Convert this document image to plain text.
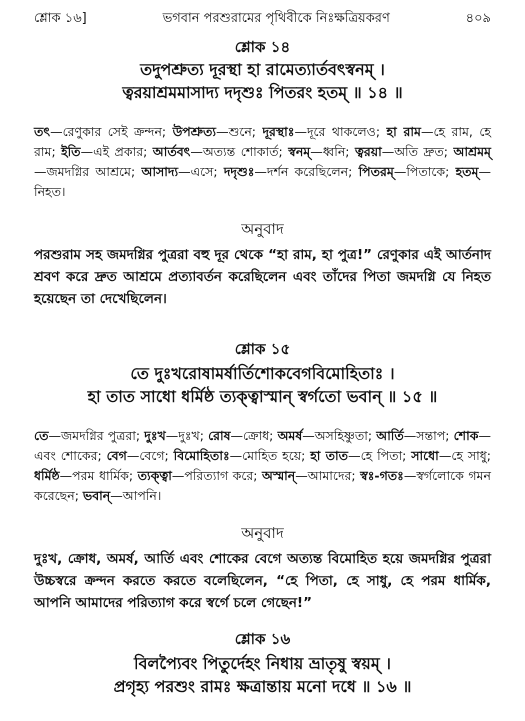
শ্লোক ১৬]	ভগবান পরশুরামের পৃথিবীকে নিঃক্ষত্রিয়করণ	৪০৯
শ্লোক ১৪
তদুপশ্রুত্য দূরস্থা হা রামেত্যার্তবৎস্বনম্ ।
ত্বরয়াশ্রমমাসাদ্য দদৃশুঃ পিতরং হতম্ ॥ ১৪ ॥
তৎ—রেণুকার সেই ক্রন্দন; উপশ্রুত্য—শুনে; দূরস্থাঃ—দূরে থাকলেও; হা রাম—হে রাম, হে রাম; ইতি—এই প্রকার; আর্তবৎ—অত্যন্ত শোকার্ত; স্বনম্—ধ্বনি; ত্বরয়া—অতি দ্রুত; আশ্রমম্—জমদগ্নির আশ্রমে; আসাদ্য—এসে; দদৃশুঃ—দর্শন করেছিলেন; পিতরম্—পিতাকে; হতম্—নিহত।
অনুবাদ
পরশুরাম সহ জমদগ্নির পুত্ররা বহু দূর থেকে “হা রাম, হা পুত্র!” রেণুকার এই আর্তনাদ শ্রবণ করে দ্রুত আশ্রমে প্রত্যাবর্তন করেছিলেন এবং তাঁদের পিতা জমদগ্নি যে নিহত হয়েছেন তা দেখেছিলেন।
শ্লোক ১৫
তে দুঃখরোষামর্ষার্তিশোকবেগবিমোহিতাঃ ।
হা তাত সাধো ধর্মিষ্ঠ ত্যক্ত্বাস্মান্ স্বর্গতো ভবান্ ॥ ১৫ ॥
তে—জমদগ্নির পুত্ররা; দুঃখ—দুঃখ; রোষ—ক্রোধ; অমর্ষ—অসহিষ্ণুতা; আর্তি—সন্তাপ; শোক—এবং শোকের; বেগ—বেগে; বিমোহিতাঃ—মোহিত হয়ে; হা তাত—হে পিতা; সাধো—হে সাধু; ধর্মিষ্ঠ—পরম ধার্মিক; ত্যক্ত্বা—পরিত্যাগ করে; অস্মান্—আমাদের; স্বঃ-গতঃ—স্বর্গলোকে গমন করেছেন; ভবান্—আপনি।
অনুবাদ
দুঃখ, ক্রোধ, অমর্ষ, আর্তি এবং শোকের বেগে অত্যন্ত বিমোহিত হয়ে জমদগ্নির পুত্ররা উচ্চস্বরে ক্রন্দন করতে করতে বলেছিলেন, “হে পিতা, হে সাধু, হে পরম ধার্মিক, আপনি আমাদের পরিত্যাগ করে স্বর্গে চলে গেছেন!”
শ্লোক ১৬
বিলপ্যৈবং পিতুর্দেহং নিধায় ভ্রাতৃষু স্বয়ম্ ।
প্রগৃহ্য পরশুং রামঃ ক্ষত্রান্তায় মনো দধে ॥ ১৬ ॥
